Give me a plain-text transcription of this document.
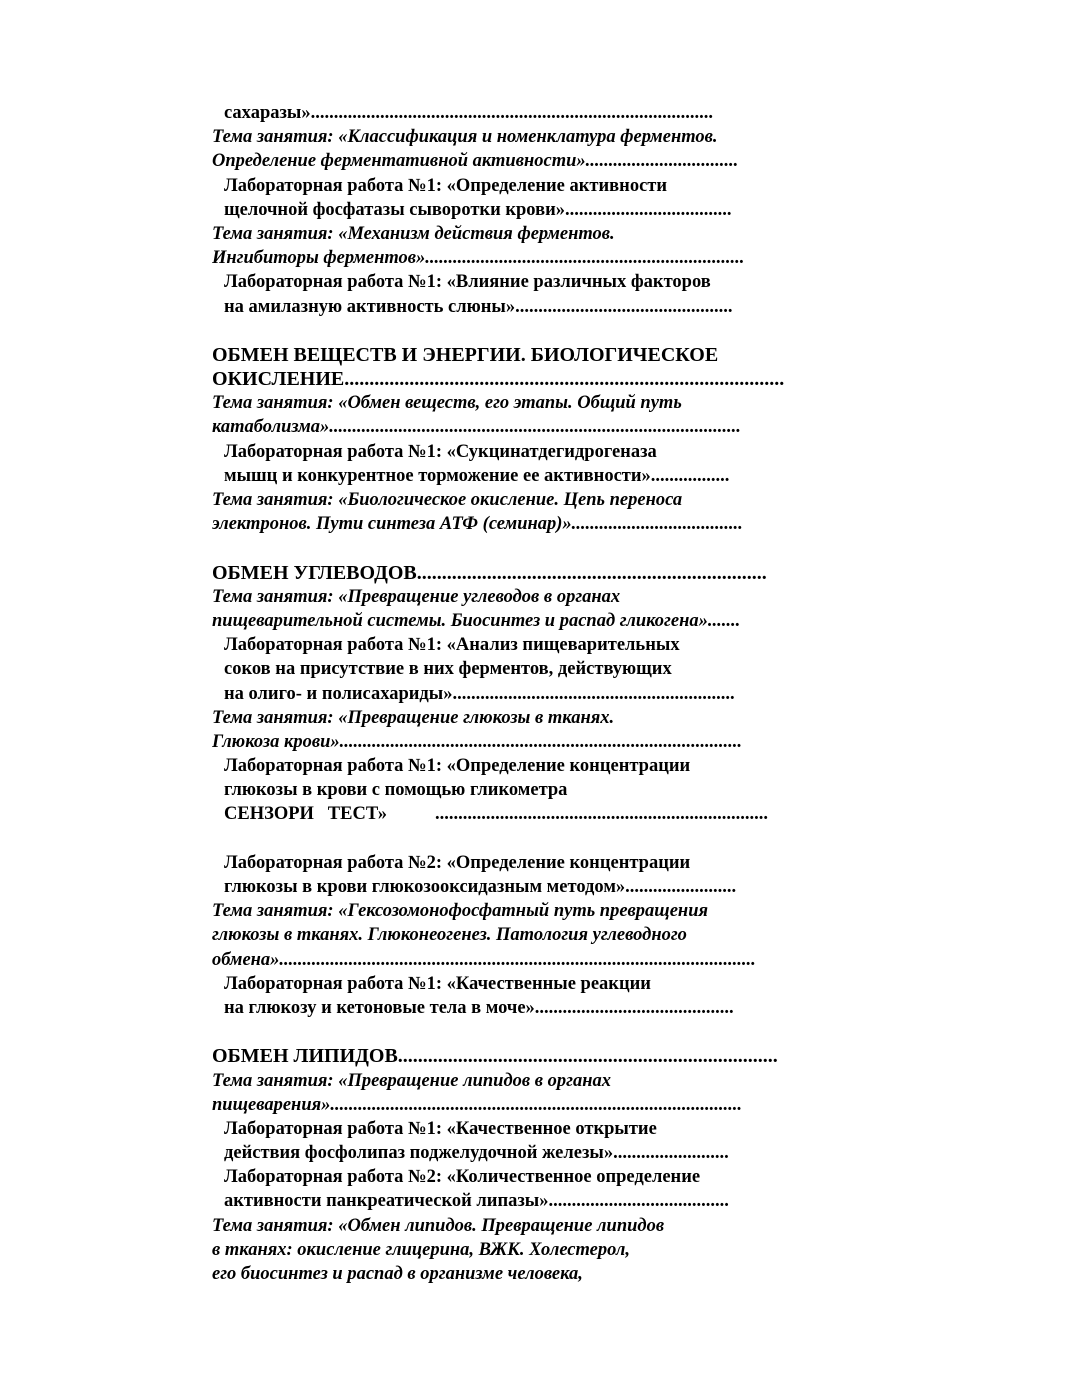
сахаразы».......................................................................................
Тема занятия: «Классификация и номенклатура ферментов.
Определение ферментативной активности».................................
Лабораторная работа №1: «Определение активности
щелочной фосфатазы сыворотки крови»....................................
Тема занятия: «Механизм действия ферментов.
Ингибиторы ферментов».....................................................................
Лабораторная работа №1: «Влияние различных факторов
на амилазную активность слюны»...............................................
ОБМЕН ВЕЩЕСТВ И ЭНЕРГИИ. БИОЛОГИЧЕСКОЕ
ОКИСЛЕНИЕ........................................................................................
Тема занятия: «Обмен веществ, его этапы. Общий путь
катаболизма».........................................................................................
Лабораторная работа №1: «Сукцинатдегидрогеназа
мышц и конкурентное торможение ее активности».................
Тема занятия: «Биологическое окисление. Цепь переноса
электронов. Пути синтеза АТФ (семинар)».....................................
ОБМЕН УГЛЕВОДОВ......................................................................
Тема занятия: «Превращение углеводов в органах
пищеварительной системы. Биосинтез и распад гликогена».......
Лабораторная работа №1: «Анализ пищеварительных
соков на присутствие в них ферментов, действующих
на олиго- и полисахариды».............................................................
Тема занятия: «Превращение глюкозы в тканях.
Глюкоза крови».......................................................................................
Лабораторная работа №1: «Определение концентрации
глюкозы в крови с помощью гликометра
СЕНЗОРИ   ТЕСТ»	........................................................................
Лабораторная работа №2: «Определение концентрации
глюкозы в крови глюкозооксидазным методом»........................
Тема занятия: «Гексозомонофосфатный путь превращения
глюкозы в тканях. Глюконеогенез. Патология углеводного
обмена».......................................................................................................
Лабораторная работа №1: «Качественные реакции
на глюкозу и кетоновые тела в моче»...........................................
ОБМЕН ЛИПИДОВ............................................................................
Тема занятия: «Превращение липидов в органах
пищеварения».........................................................................................
Лабораторная работа №1: «Качественное открытие
действия фосфолипаз поджелудочной железы».........................
Лабораторная работа №2: «Количественное определение
активности панкреатической липазы».......................................
Тема занятия: «Обмен липидов. Превращение липидов
в тканях: окисление глицерина, ВЖК. Холестерол,
его биосинтез и распад в организме человека,
